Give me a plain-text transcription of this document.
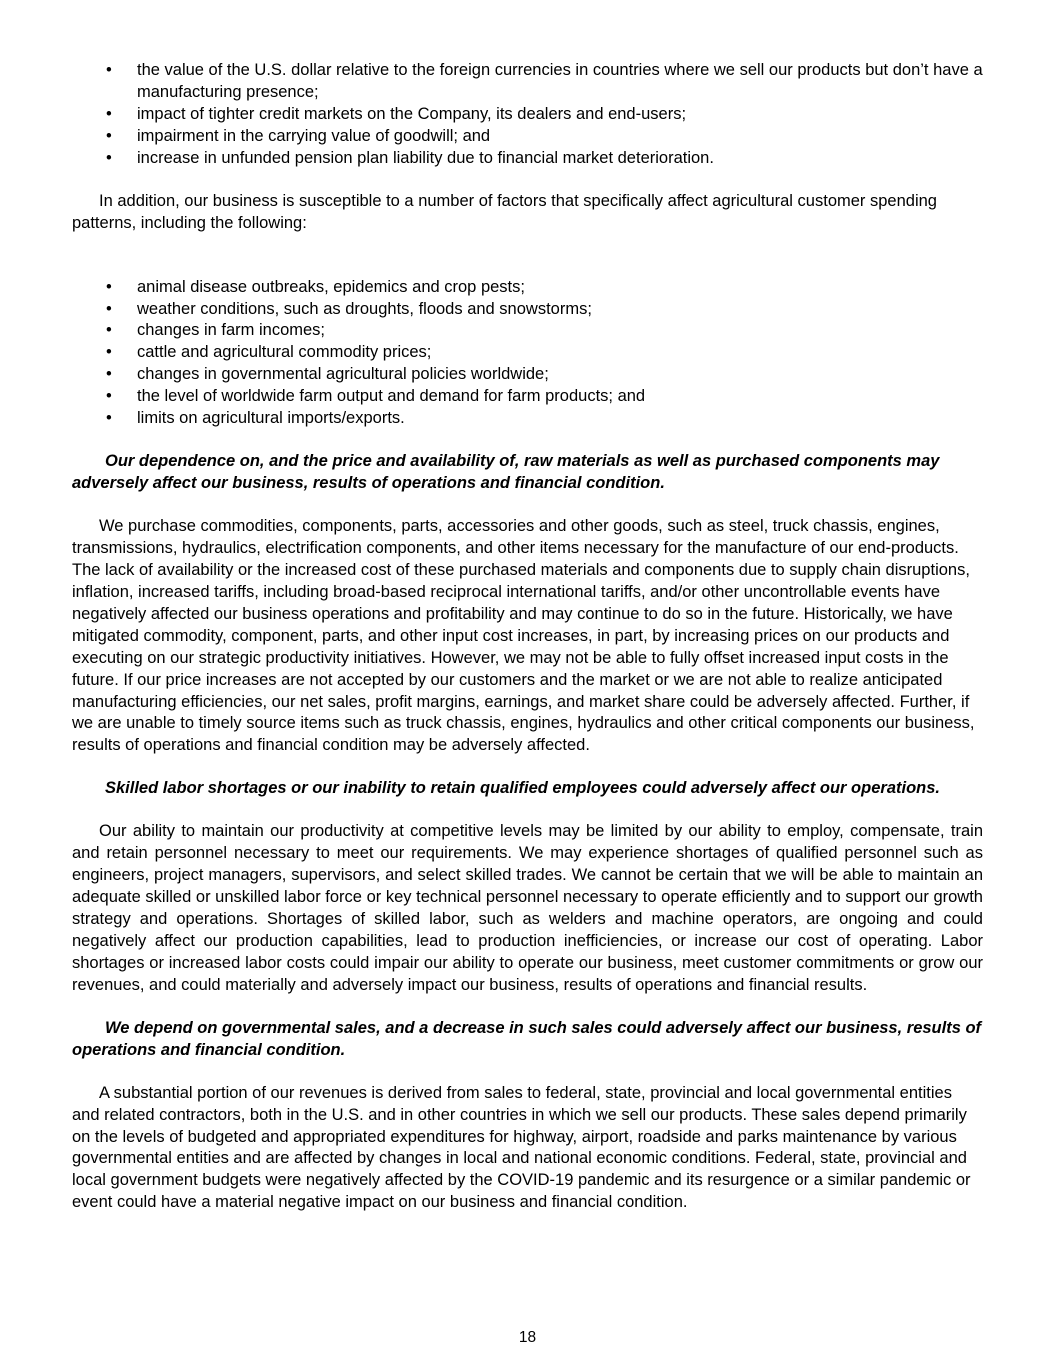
• the value of the U.S. dollar relative to the foreign currencies in countries where we sell our products but don’t have a manufacturing presence;
• impact of tighter credit markets on the Company, its dealers and end-users;
• impairment in the carrying value of goodwill; and
• increase in unfunded pension plan liability due to financial market deterioration.

In addition, our business is susceptible to a number of factors that specifically affect agricultural customer spending patterns, including the following:

• animal disease outbreaks, epidemics and crop pests;
• weather conditions, such as droughts, floods and snowstorms;
• changes in farm incomes;
• cattle and agricultural commodity prices;
• changes in governmental agricultural policies worldwide;
• the level of worldwide farm output and demand for farm products; and
• limits on agricultural imports/exports.

Our dependence on, and the price and availability of, raw materials as well as purchased components may adversely affect our business, results of operations and financial condition.

We purchase commodities, components, parts, accessories and other goods, such as steel, truck chassis, engines, transmissions, hydraulics, electrification components, and other items necessary for the manufacture of our end-products. The lack of availability or the increased cost of these purchased materials and components due to supply chain disruptions, inflation, increased tariffs, including broad-based reciprocal international tariffs, and/or other uncontrollable events have negatively affected our business operations and profitability and may continue to do so in the future. Historically, we have mitigated commodity, component, parts, and other input cost increases, in part, by increasing prices on our products and executing on our strategic productivity initiatives. However, we may not be able to fully offset increased input costs in the future. If our price increases are not accepted by our customers and the market or we are not able to realize anticipated manufacturing efficiencies, our net sales, profit margins, earnings, and market share could be adversely affected. Further, if we are unable to timely source items such as truck chassis, engines, hydraulics and other critical components our business, results of operations and financial condition may be adversely affected.

Skilled labor shortages or our inability to retain qualified employees could adversely affect our operations.

Our ability to maintain our productivity at competitive levels may be limited by our ability to employ, compensate, train and retain personnel necessary to meet our requirements. We may experience shortages of qualified personnel such as engineers, project managers, supervisors, and select skilled trades. We cannot be certain that we will be able to maintain an adequate skilled or unskilled labor force or key technical personnel necessary to operate efficiently and to support our growth strategy and operations. Shortages of skilled labor, such as welders and machine operators, are ongoing and could negatively affect our production capabilities, lead to production inefficiencies, or increase our cost of operating. Labor shortages or increased labor costs could impair our ability to operate our business, meet customer commitments or grow our revenues, and could materially and adversely impact our business, results of operations and financial results.

We depend on governmental sales, and a decrease in such sales could adversely affect our business, results of operations and financial condition.

A substantial portion of our revenues is derived from sales to federal, state, provincial and local governmental entities and related contractors, both in the U.S. and in other countries in which we sell our products. These sales depend primarily on the levels of budgeted and appropriated expenditures for highway, airport, roadside and parks maintenance by various governmental entities and are affected by changes in local and national economic conditions. Federal, state, provincial and local government budgets were negatively affected by the COVID-19 pandemic and its resurgence or a similar pandemic or event could have a material negative impact on our business and financial condition.

18
